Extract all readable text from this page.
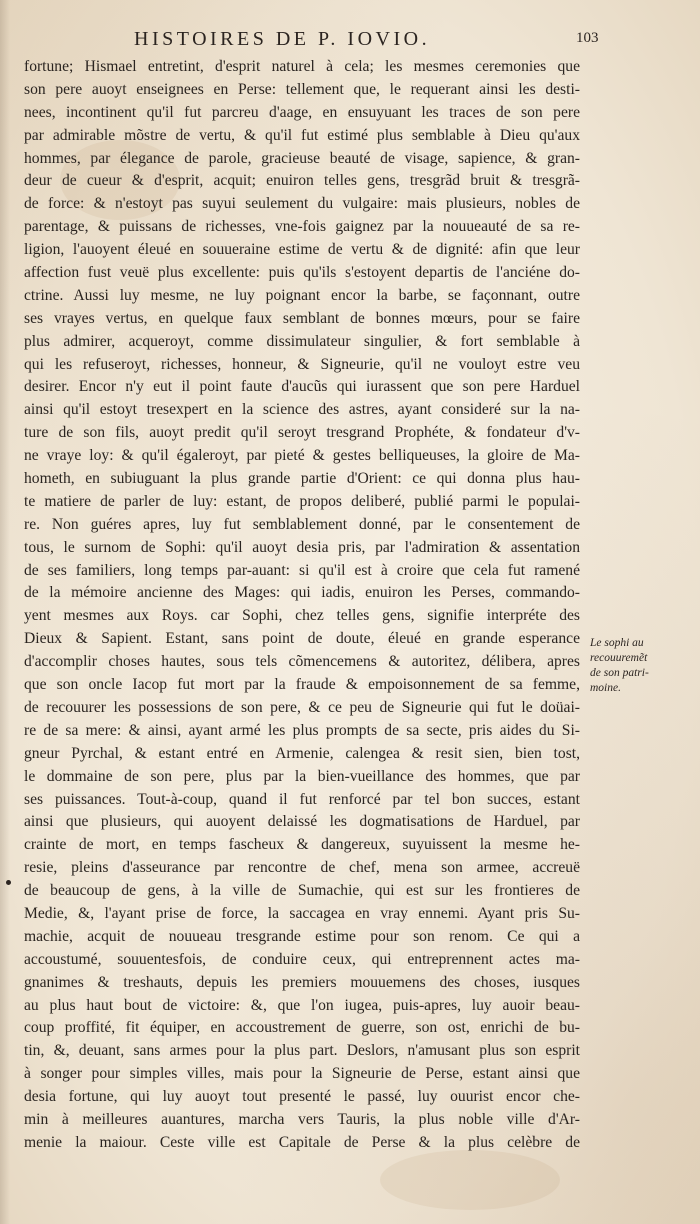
HISTOIRES DE P. IOVIO.	103
fortune; Hismael entretint, d'esprit naturel à cela; les mesmes ceremonies que
son pere auoyt enseignees en Perse: tellement que, le requerant ainsi les desti-
nees, incontinent qu'il fut parcreu d'aage, en ensuyuant les traces de son pere
par admirable mõstre de vertu, & qu'il fut estimé plus semblable à Dieu qu'aux
hommes, par élegance de parole, gracieuse beauté de visage, sapience, & gran-
deur de cueur & d'esprit, acquit; enuiron telles gens, tresgrãd bruit & tresgrã-
de force: & n'estoyt pas suyui seulement du vulgaire: mais plusieurs, nobles de
parentage, & puissans de richesses, vne-fois gaignez par la nouueauté de sa re-
ligion, l'auoyent éleué en souueraine estime de vertu & de dignité: afin que leur
affection fust veuë plus excellente: puis qu'ils s'estoyent departis de l'anciéne do-
ctrine. Aussi luy mesme, ne luy poignant encor la barbe, se façonnant, outre
ses vrayes vertus, en quelque faux semblant de bonnes mœurs, pour se faire
plus admirer, acqueroyt, comme dissimulateur singulier, & fort semblable à
qui les refuseroyt, richesses, honneur, & Signeurie, qu'il ne vouloyt estre veu
desirer. Encor n'y eut il point faute d'aucũs qui iurassent que son pere Harduel
ainsi qu'il estoyt tresexpert en la science des astres, ayant consideré sur la na-
ture de son fils, auoyt predit qu'il seroyt tresgrand Prophéte, & fondateur d'v-
ne vraye loy: & qu'il égaleroyt, par pieté & gestes belliqueuses, la gloire de Ma-
hometh, en subiuguant la plus grande partie d'Orient: ce qui donna plus hau-
te matiere de parler de luy: estant, de propos deliberé, publié parmi le populai-
re. Non guéres apres, luy fut semblablement donné, par le consentement de
tous, le surnom de Sophi: qu'il auoyt desia pris, par l'admiration & assentation
de ses familiers, long temps par-auant: si qu'il est à croire que cela fut ramené
de la mémoire ancienne des Mages: qui iadis, enuiron les Perses, commando-
yent mesmes aux Roys. car Sophi, chez telles gens, signifie interpréte des
Dieux & Sapient. Estant, sans point de doute, éleué en grande esperance
d'accomplir choses hautes, sous tels cõmencemens & autoritez, délibera, apres
que son oncle Iacop fut mort par la fraude & empoisonnement de sa femme,
de recouurer les possessions de son pere, & ce peu de Signeurie qui fut le doüai-
re de sa mere: & ainsi, ayant armé les plus prompts de sa secte, pris aides du Si-
gneur Pyrchal, & estant entré en Armenie, calengea & resit sien, bien tost,
le dommaine de son pere, plus par la bien-vueillance des hommes, que par
ses puissances. Tout-à-coup, quand il fut renforcé par tel bon succes, estant
ainsi que plusieurs, qui auoyent delaissé les dogmatisations de Harduel, par
crainte de mort, en temps fascheux & dangereux, suyuissent la mesme he-
resie, pleins d'asseurance par rencontre de chef, mena son armee, accreuë
de beaucoup de gens, à la ville de Sumachie, qui est sur les frontieres de
Medie, &, l'ayant prise de force, la saccagea en vray ennemi. Ayant pris Su-
machie, acquit de nouueau tresgrande estime pour son renom. Ce qui a
accoustumé, souuentesfois, de conduire ceux, qui entreprennent actes ma-
gnanimes & treshauts, depuis les premiers mouuemens des choses, iusques
au plus haut bout de victoire: &, que l'on iugea, puis-apres, luy auoir beau-
coup proffité, fit équiper, en accoustrement de guerre, son ost, enrichi de bu-
tin, &, deuant, sans armes pour la plus part. Deslors, n'amusant plus son esprit
à songer pour simples villes, mais pour la Signeurie de Perse, estant ainsi que
desia fortune, qui luy auoyt tout presenté le passé, luy ouurist encor che-
min à meilleures auantures, marcha vers Tauris, la plus noble ville d'Ar-
menie la maiour. Ceste ville est Capitale de Perse & la plus celèbre de
Le sophi au
recouuremẽt
de son patri-
moine.
